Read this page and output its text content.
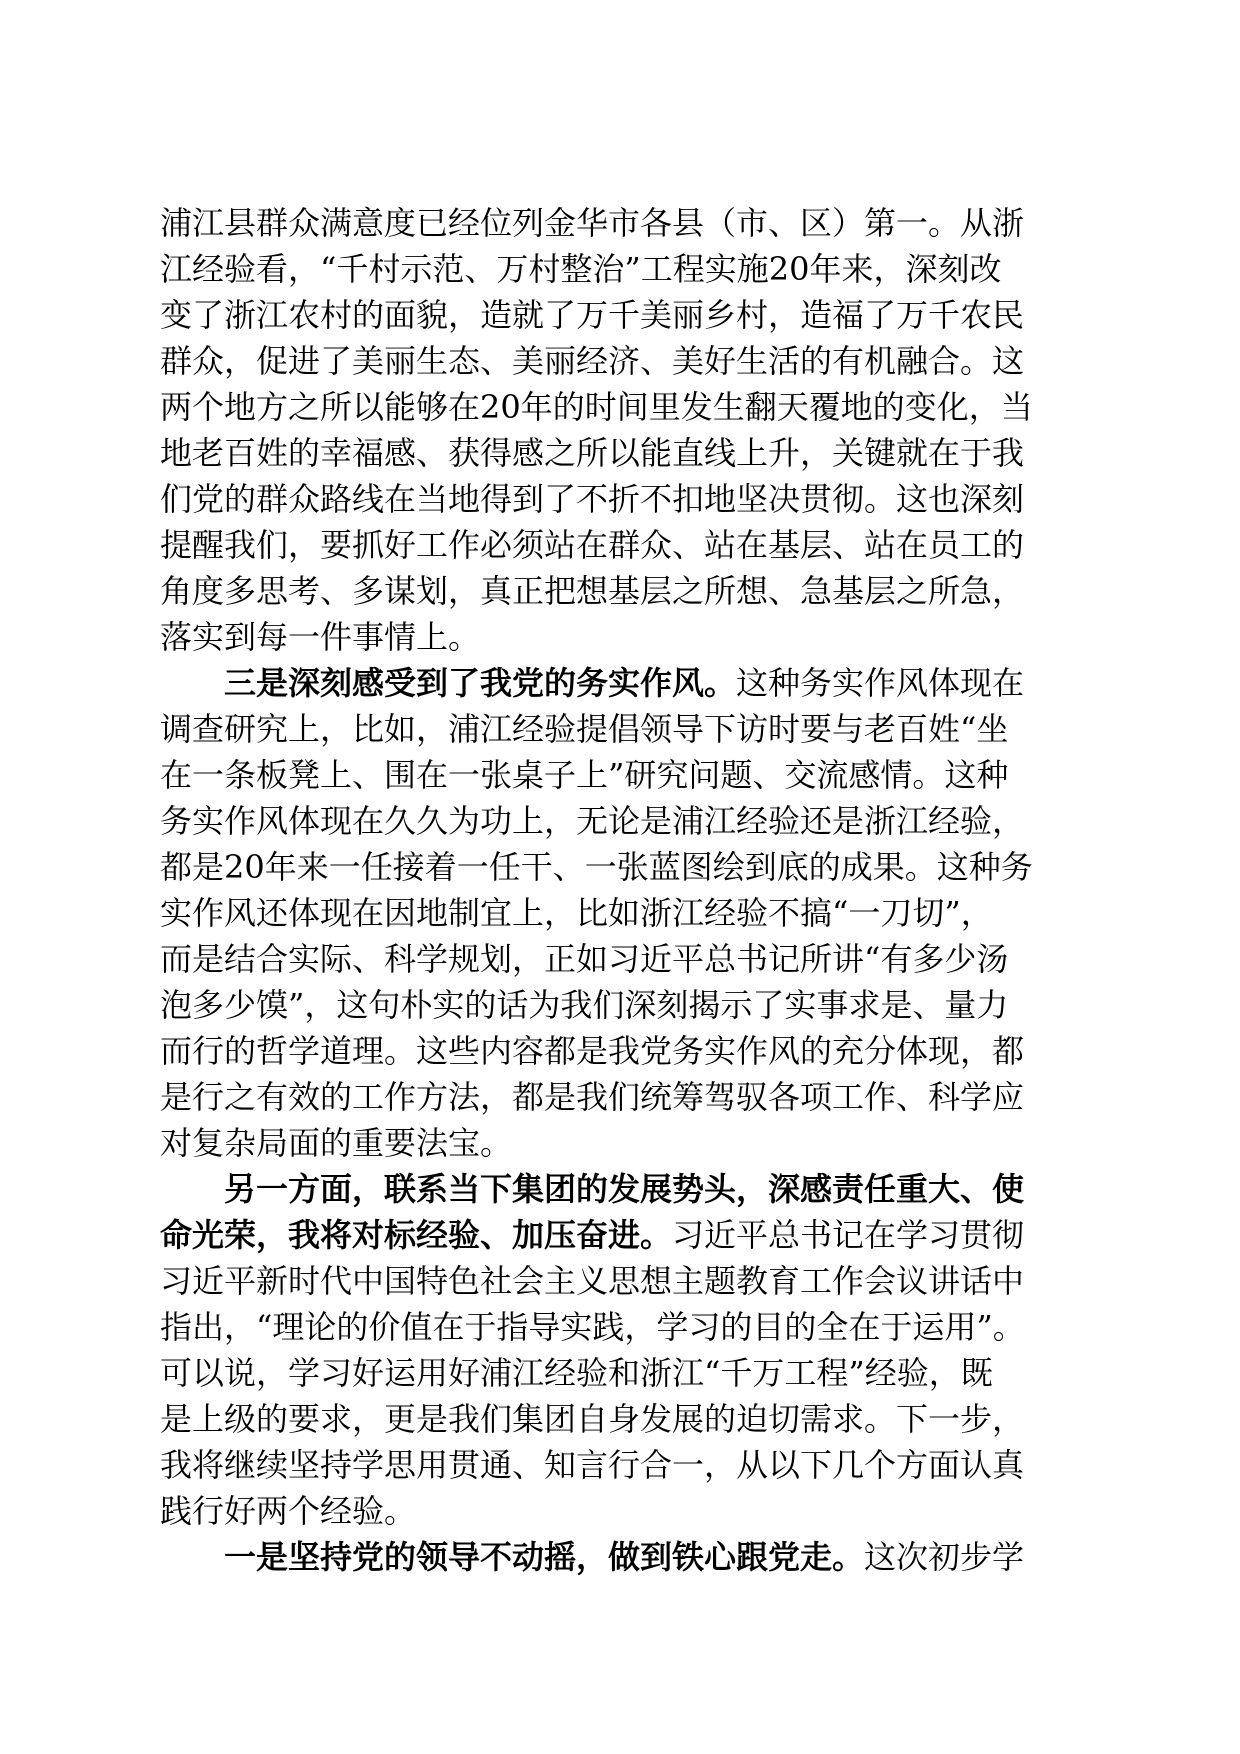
浦江县群众满意度已经位列金华市各县（市、区）第一。从浙
江经验看，“千村示范、万村整治”工程实施20年来，深刻改
变了浙江农村的面貌，造就了万千美丽乡村，造福了万千农民
群众，促进了美丽生态、美丽经济、美好生活的有机融合。这
两个地方之所以能够在20年的时间里发生翻天覆地的变化，当
地老百姓的幸福感、获得感之所以能直线上升，关键就在于我
们党的群众路线在当地得到了不折不扣地坚决贯彻。这也深刻
提醒我们，要抓好工作必须站在群众、站在基层、站在员工的
角度多思考、多谋划，真正把想基层之所想、急基层之所急，
落实到每一件事情上。
三是深刻感受到了我党的务实作风。这种务实作风体现在
调查研究上，比如，浦江经验提倡领导下访时要与老百姓“坐
在一条板凳上、围在一张桌子上”研究问题、交流感情。这种
务实作风体现在久久为功上，无论是浦江经验还是浙江经验，
都是20年来一任接着一任干、一张蓝图绘到底的成果。这种务
实作风还体现在因地制宜上，比如浙江经验不搞“一刀切”，
而是结合实际、科学规划，正如习近平总书记所讲“有多少汤
泡多少馍”，这句朴实的话为我们深刻揭示了实事求是、量力
而行的哲学道理。这些内容都是我党务实作风的充分体现，都
是行之有效的工作方法，都是我们统筹驾驭各项工作、科学应
对复杂局面的重要法宝。
另一方面，联系当下集团的发展势头，深感责任重大、使
命光荣，我将对标经验、加压奋进。习近平总书记在学习贯彻
习近平新时代中国特色社会主义思想主题教育工作会议讲话中
指出，“理论的价值在于指导实践，学习的目的全在于运用”。
可以说，学习好运用好浦江经验和浙江“千万工程”经验，既
是上级的要求，更是我们集团自身发展的迫切需求。下一步，
我将继续坚持学思用贯通、知言行合一，从以下几个方面认真
践行好两个经验。
一是坚持党的领导不动摇，做到铁心跟党走。这次初步学
